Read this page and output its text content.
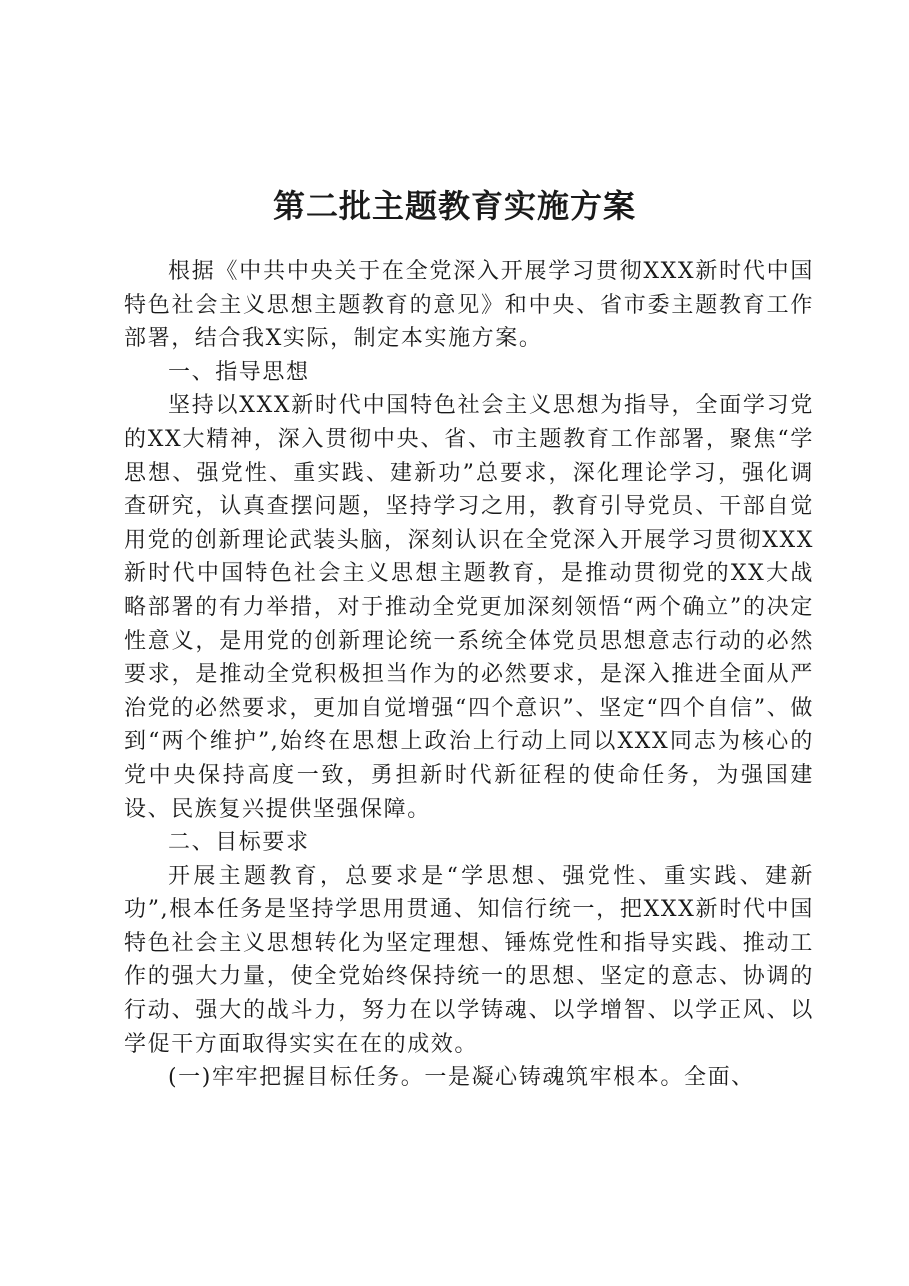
第二批主题教育实施方案

根据《中共中央关于在全党深入开展学习贯彻XXX新时代中国特色社会主义思想主题教育的意见》和中央、省市委主题教育工作部署，结合我X实际，制定本实施方案。

一、指导思想

坚持以XXX新时代中国特色社会主义思想为指导，全面学习党的XX大精神，深入贯彻中央、省、市主题教育工作部署，聚焦“学思想、强党性、重实践、建新功”总要求，深化理论学习，强化调查研究，认真查摆问题，坚持学习之用，教育引导党员、干部自觉用党的创新理论武装头脑，深刻认识在全党深入开展学习贯彻XXX新时代中国特色社会主义思想主题教育，是推动贯彻党的XX大战略部署的有力举措，对于推动全党更加深刻领悟“两个确立”的决定性意义，是用党的创新理论统一系统全体党员思想意志行动的必然要求，是推动全党积极担当作为的必然要求，是深入推进全面从严治党的必然要求，更加自觉增强“四个意识”、坚定“四个自信”、做到“两个维护”,始终在思想上政治上行动上同以XXX同志为核心的党中央保持高度一致，勇担新时代新征程的使命任务，为强国建设、民族复兴提供坚强保障。

二、目标要求

开展主题教育，总要求是“学思想、强党性、重实践、建新功”,根本任务是坚持学思用贯通、知信行统一，把XXX新时代中国特色社会主义思想转化为坚定理想、锤炼党性和指导实践、推动工作的强大力量，使全党始终保持统一的思想、坚定的意志、协调的行动、强大的战斗力，努力在以学铸魂、以学增智、以学正风、以学促干方面取得实实在在的成效。

(一)牢牢把握目标任务。一是凝心铸魂筑牢根本。全面、
